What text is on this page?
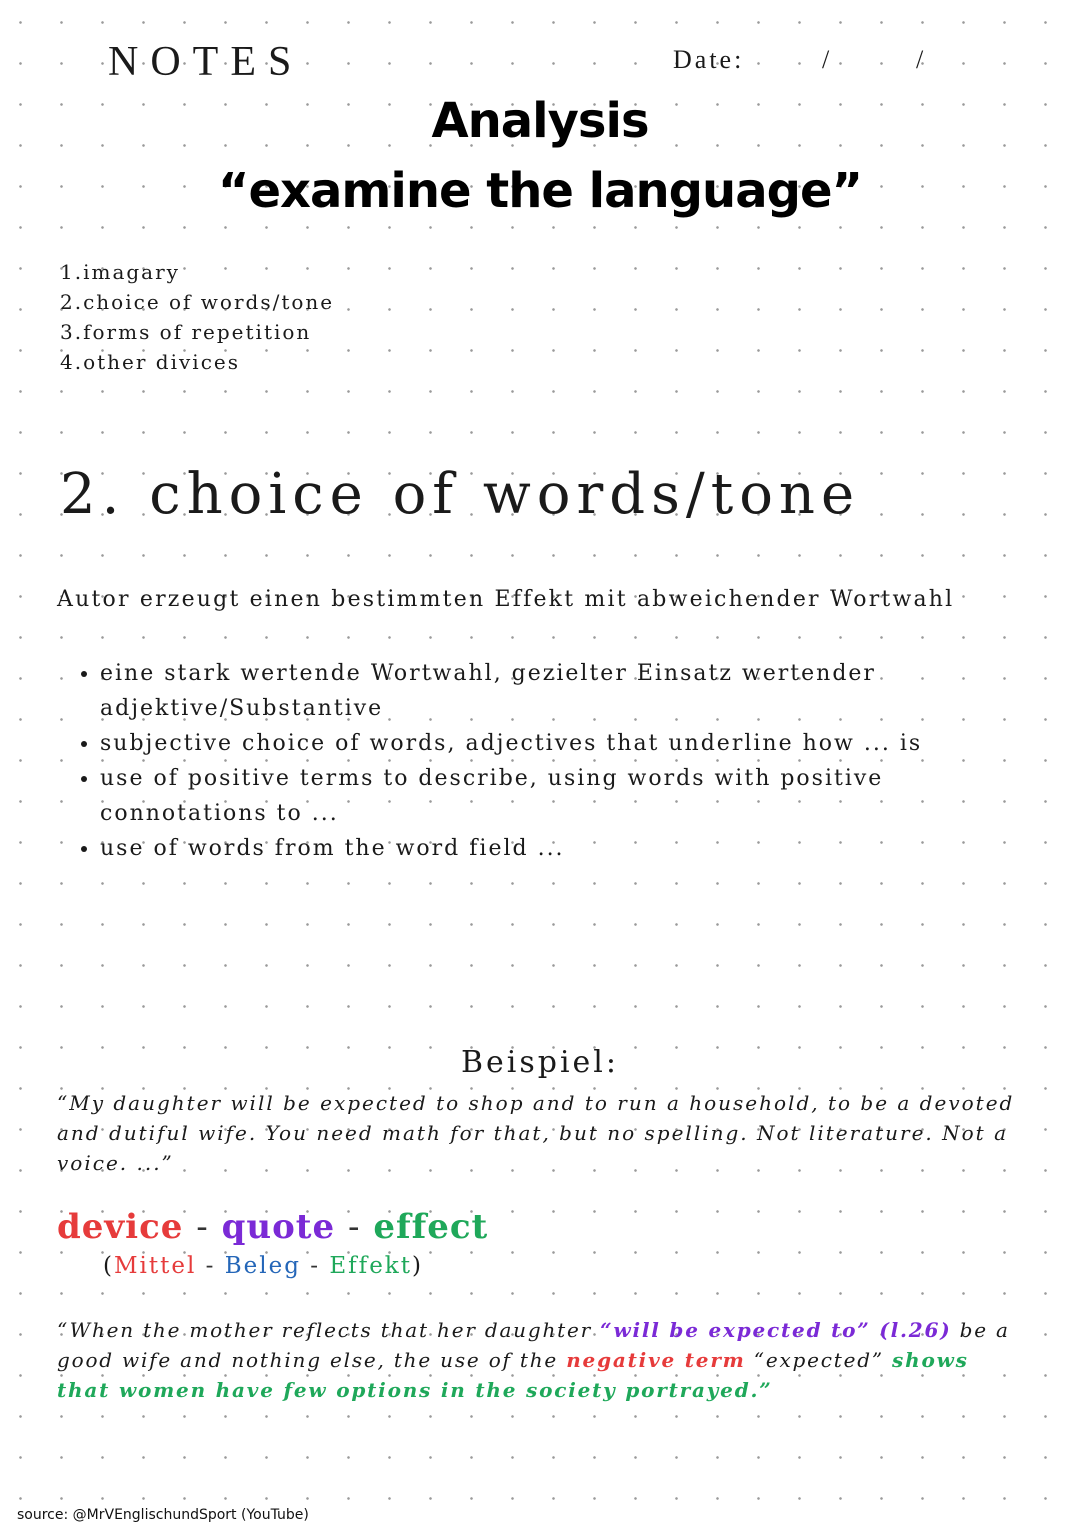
NOTES	Date:	/	/
Analysis
“examine the language”
1.imagary
2.choice of words/tone
3.forms of repetition
4.other divices
2. choice of words/tone
Autor erzeugt einen bestimmten Effekt mit abweichender Wortwahl
• eine stark wertende Wortwahl, gezielter Einsatz wertender adjektive/Substantive
• subjective choice of words, adjectives that underline how ... is
• use of positive terms to describe, using words with positive connotations to ...
• use of words from the word field ...
Beispiel:
“My daughter will be expected to shop and to run a household, to be a devoted and dutiful wife. You need math for that, but no spelling. Not literature. Not a voice. ...”
device - quote - effect
(Mittel - Beleg - Effekt)
“When the mother reflects that her daughter “will be expected to” (l.26) be a good wife and nothing else, the use of the negative term “expected” shows that women have few options in the society portrayed.”
source: @MrVEnglischundSport (YouTube)
